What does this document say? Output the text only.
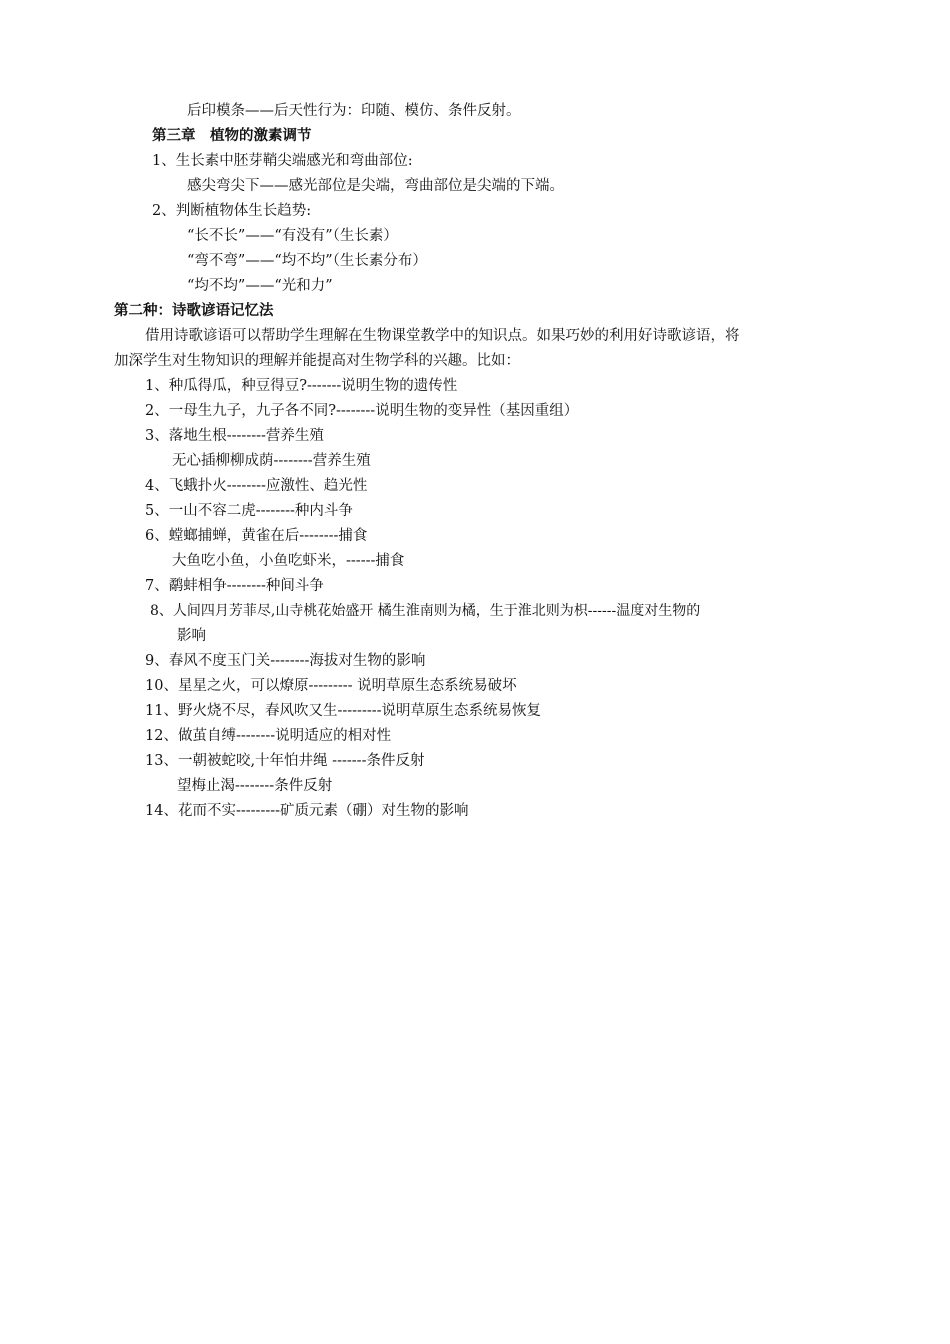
后印模条——后天性行为：印随、模仿、条件反射。
第三章　植物的激素调节
1、生长素中胚芽鞘尖端感光和弯曲部位:
感尖弯尖下——感光部位是尖端，弯曲部位是尖端的下端。
2、判断植物体生长趋势:
“长不长”——“有没有”（生长素）
“弯不弯”——“均不均”（生长素分布）
“均不均”——“光和力”
第二种：诗歌谚语记忆法
借用诗歌谚语可以帮助学生理解在生物课堂教学中的知识点。如果巧妙的利用好诗歌谚语，将
加深学生对生物知识的理解并能提高对生物学科的兴趣。比如：
1、种瓜得瓜，种豆得豆?-------说明生物的遗传性
2、一母生九子，九子各不同?--------说明生物的变异性（基因重组）
3、落地生根--------营养生殖
无心插柳柳成荫--------营养生殖
4、飞蛾扑火--------应激性、趋光性
5、一山不容二虎--------种内斗争
6、螳螂捕蝉，黄雀在后--------捕食
大鱼吃小鱼，小鱼吃虾米，------捕食
7、鹬蚌相争--------种间斗争
8、人间四月芳菲尽,山寺桃花始盛开 橘生淮南则为橘，生于淮北则为枳------温度对生物的
影响
9、春风不度玉门关--------海拔对生物的影响
10、星星之火，可以燎原--------- 说明草原生态系统易破坏
11、野火烧不尽，春风吹又生---------说明草原生态系统易恢复
12、做茧自缚--------说明适应的相对性
13、一朝被蛇咬,十年怕井绳 -------条件反射
望梅止渴--------条件反射
14、花而不实---------矿质元素（硼）对生物的影响
